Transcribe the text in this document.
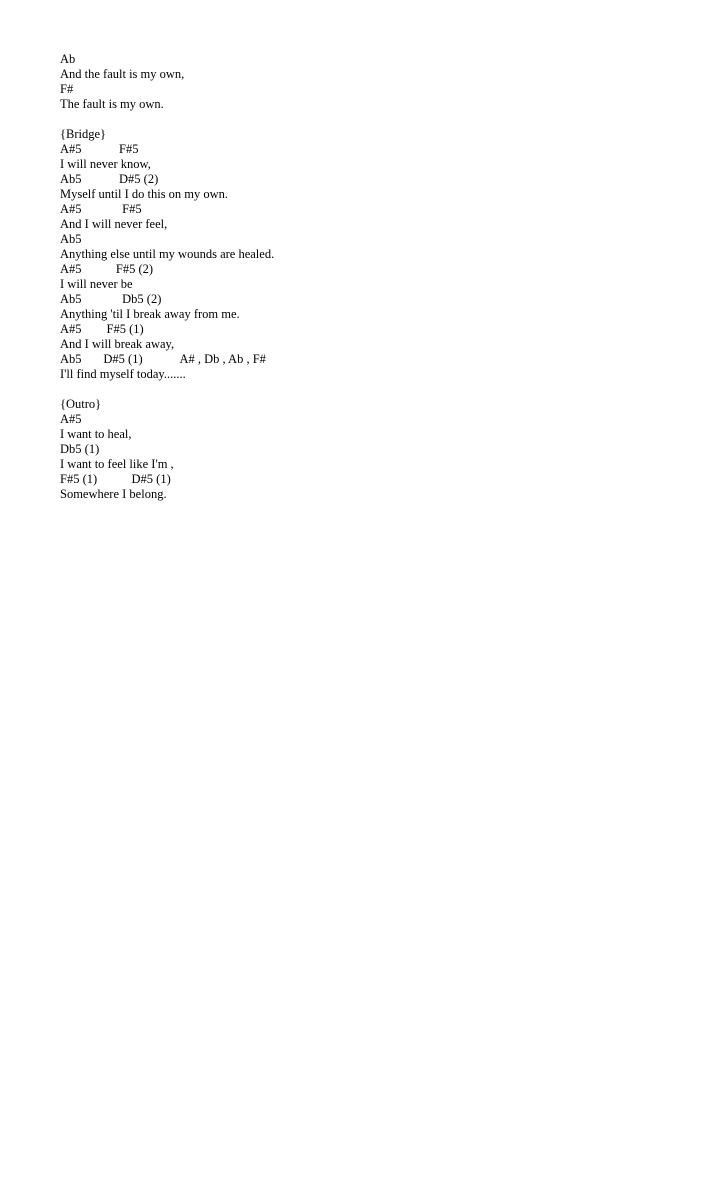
Ab
And the fault is my own,
F#
The fault is my own.
{Bridge}
A#5            F#5
I will never know,
Ab5            D#5 (2)
Myself until I do this on my own.
A#5             F#5
And I will never feel,
Ab5
Anything else until my wounds are healed.
A#5           F#5 (2)
I will never be
Ab5             Db5 (2)
Anything 'til I break away from me.
A#5        F#5 (1)
And I will break away,
Ab5       D#5 (1)            A# , Db , Ab , F#
I'll find myself today.......
{Outro}
A#5
I want to heal,
Db5 (1)
I want to feel like I'm ,
F#5 (1)           D#5 (1)
Somewhere I belong.
